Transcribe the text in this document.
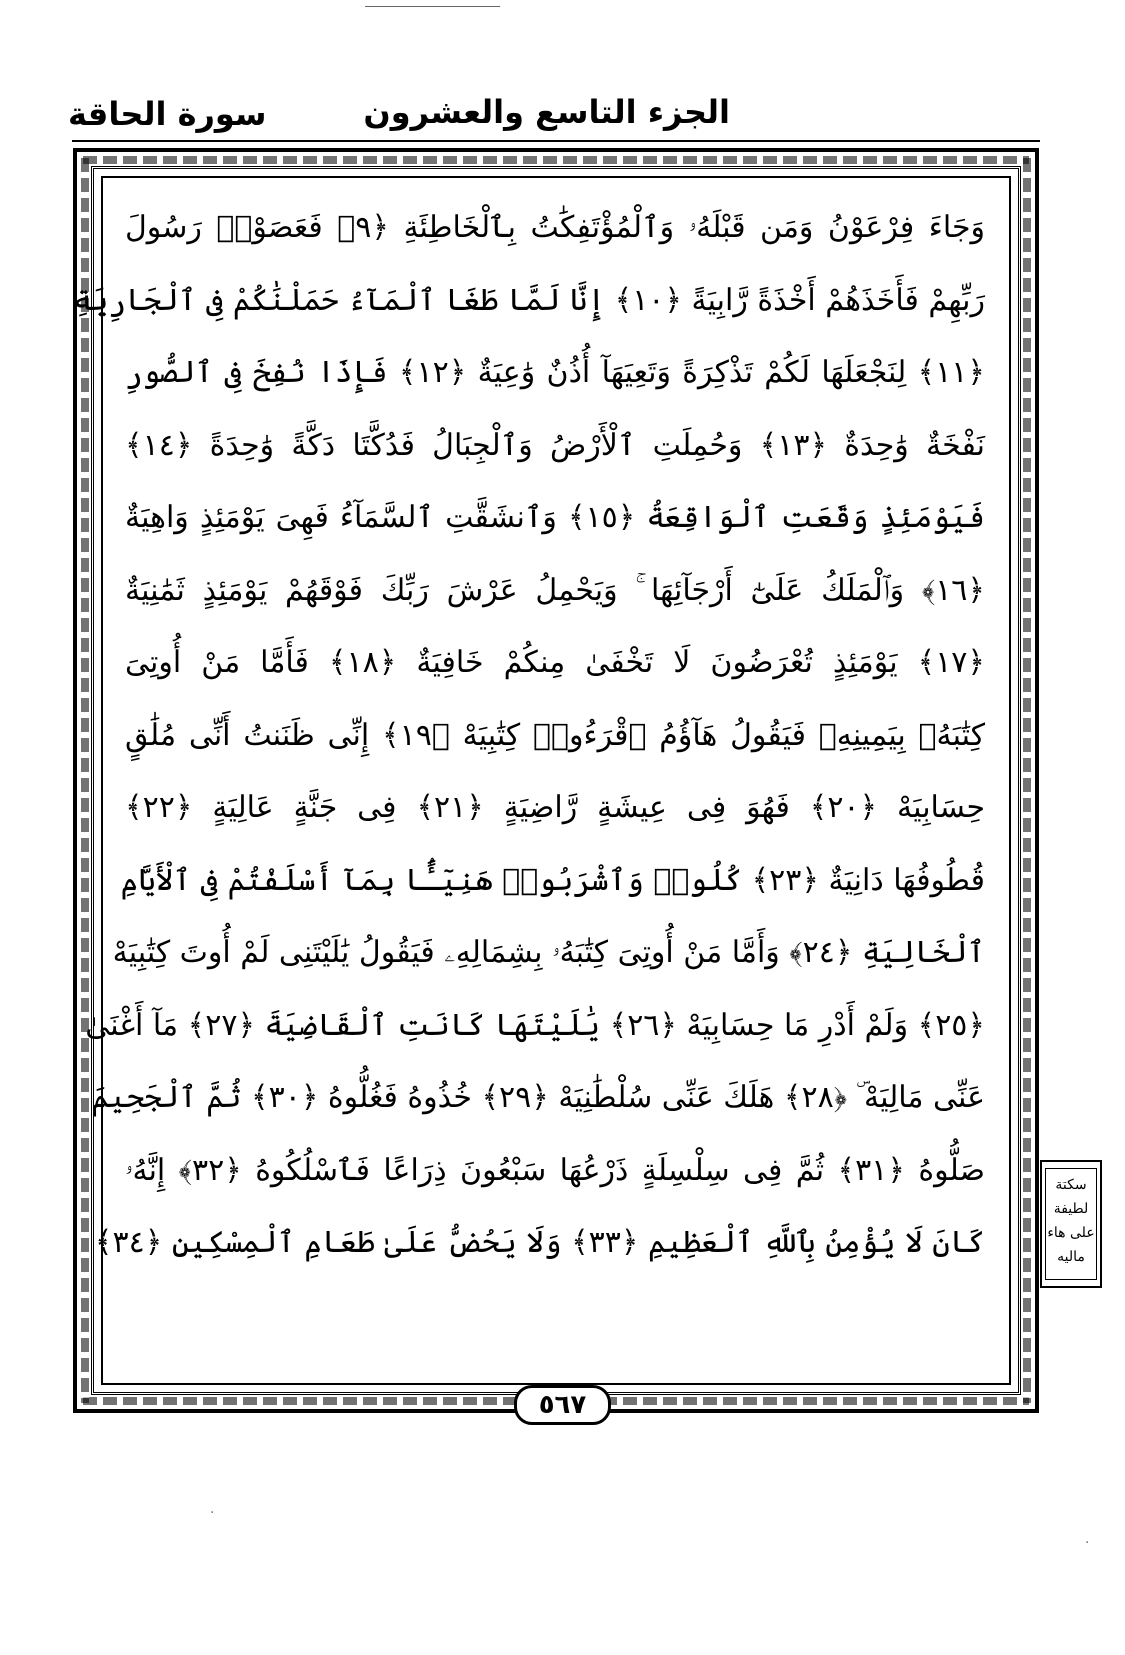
الجزء التاسع والعشرون
سورة الحاقة
وَجَاءَ فِرْعَوْنُ وَمَن قَبْلَهُۥ وَٱلْمُؤْتَفِكَٰتُ بِٱلْخَاطِئَةِ ﴿٩﴾ فَعَصَوْا۟ رَسُولَ
رَبِّهِمْ فَأَخَذَهُمْ أَخْذَةً رَّابِيَةً ﴿١٠﴾ إِنَّا لَمَّا طَغَا ٱلْمَآءُ حَمَلْنَٰكُمْ فِى ٱلْجَارِيَةِ
﴿١١﴾ لِنَجْعَلَهَا لَكُمْ تَذْكِرَةً وَتَعِيَهَآ أُذُنٌ وَٰعِيَةٌ ﴿١٢﴾ فَإِذَا نُفِخَ فِى ٱلصُّورِ
نَفْخَةٌ وَٰحِدَةٌ ﴿١٣﴾ وَحُمِلَتِ ٱلْأَرْضُ وَٱلْجِبَالُ فَدُكَّتَا دَكَّةً وَٰحِدَةً ﴿١٤﴾
فَيَوْمَئِذٍ وَقَعَتِ ٱلْوَاقِعَةُ ﴿١٥﴾ وَٱنشَقَّتِ ٱلسَّمَآءُ فَهِىَ يَوْمَئِذٍ وَاهِيَةٌ
﴿١٦﴾ وَٱلْمَلَكُ عَلَىٰٓ أَرْجَآئِهَا ۚ وَيَحْمِلُ عَرْشَ رَبِّكَ فَوْقَهُمْ يَوْمَئِذٍ ثَمَٰنِيَةٌ
﴿١٧﴾ يَوْمَئِذٍ تُعْرَضُونَ لَا تَخْفَىٰ مِنكُمْ خَافِيَةٌ ﴿١٨﴾ فَأَمَّا مَنْ أُوتِىَ
كِتَٰبَهُۥ بِيَمِينِهِۦ فَيَقُولُ هَآؤُمُ ٱقْرَءُوا۟ كِتَٰبِيَهْ ﴿١٩﴾ إِنِّى ظَنَنتُ أَنِّى مُلَٰقٍ
حِسَابِيَهْ ﴿٢٠﴾ فَهُوَ فِى عِيشَةٍ رَّاضِيَةٍ ﴿٢١﴾ فِى جَنَّةٍ عَالِيَةٍ ﴿٢٢﴾
قُطُوفُهَا دَانِيَةٌ ﴿٢٣﴾ كُلُوا۟ وَٱشْرَبُوا۟ هَنِيٓـًٔۢا بِمَآ أَسْلَفْتُمْ فِى ٱلْأَيَّامِ
ٱلْخَالِيَةِ ﴿٢٤﴾ وَأَمَّا مَنْ أُوتِىَ كِتَٰبَهُۥ بِشِمَالِهِۦ فَيَقُولُ يَٰلَيْتَنِى لَمْ أُوتَ كِتَٰبِيَهْ
﴿٢٥﴾ وَلَمْ أَدْرِ مَا حِسَابِيَهْ ﴿٢٦﴾ يَٰلَيْتَهَا كَانَتِ ٱلْقَاضِيَةَ ﴿٢٧﴾ مَآ أَغْنَىٰ
عَنِّى مَالِيَهْ ۜ ﴿٢٨﴾ هَلَكَ عَنِّى سُلْطَٰنِيَهْ ﴿٢٩﴾ خُذُوهُ فَغُلُّوهُ ﴿٣٠﴾ ثُمَّ ٱلْجَحِيمَ
صَلُّوهُ ﴿٣١﴾ ثُمَّ فِى سِلْسِلَةٍ ذَرْعُهَا سَبْعُونَ ذِرَاعًا فَٱسْلُكُوهُ ﴿٣٢﴾ إِنَّهُۥ
كَانَ لَا يُؤْمِنُ بِٱللَّهِ ٱلْعَظِيمِ ﴿٣٣﴾ وَلَا يَحُضُّ عَلَىٰ طَعَامِ ٱلْمِسْكِينِ ﴿٣٤﴾
٥٦٧
سكتة
لطيفة
على هاء
ماليه
·
·
